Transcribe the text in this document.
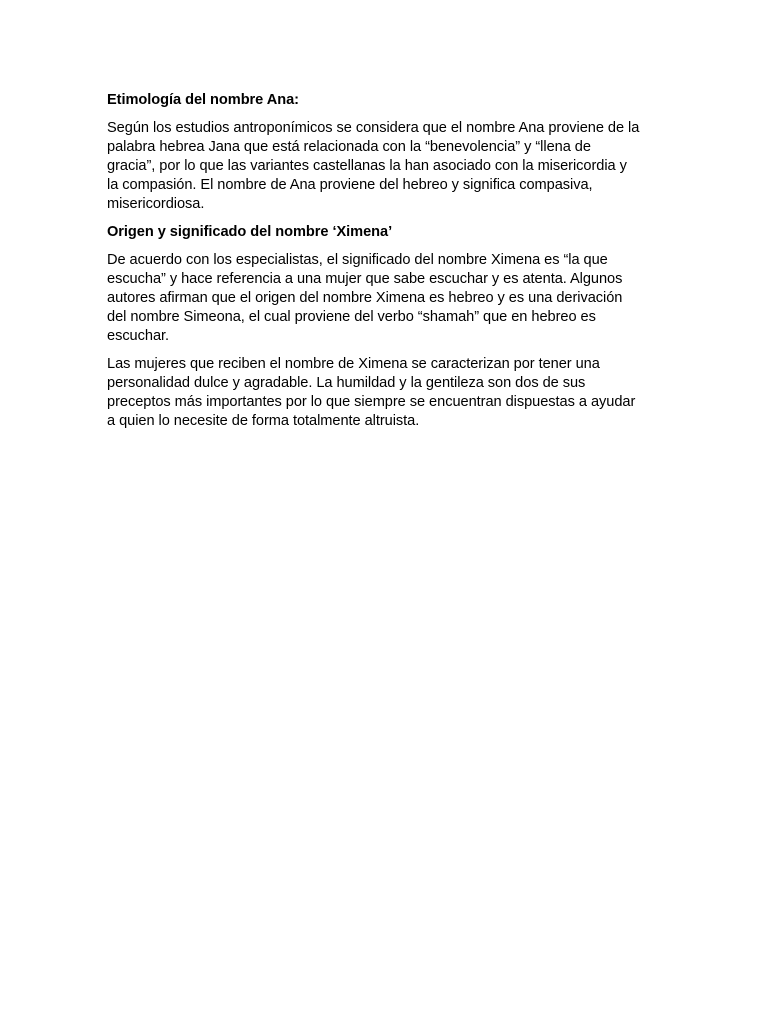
Etimología del nombre Ana:
Según los estudios antroponímicos se considera que el nombre Ana proviene de la
palabra hebrea Jana que está relacionada con la “benevolencia” y “llena de
gracia”, por lo que las variantes castellanas la han asociado con la misericordia y
la compasión. El nombre de Ana proviene del hebreo y significa compasiva,
misericordiosa.
Origen y significado del nombre ‘Ximena’
De acuerdo con los especialistas, el significado del nombre Ximena es “la que
escucha” y hace referencia a una mujer que sabe escuchar y es atenta. Algunos
autores afirman que el origen del nombre Ximena es hebreo y es una derivación
del nombre Simeona, el cual proviene del verbo “shamah” que en hebreo es
escuchar.
Las mujeres que reciben el nombre de Ximena se caracterizan por tener una
personalidad dulce y agradable. La humildad y la gentileza son dos de sus
preceptos más importantes por lo que siempre se encuentran dispuestas a ayudar
a quien lo necesite de forma totalmente altruista.
